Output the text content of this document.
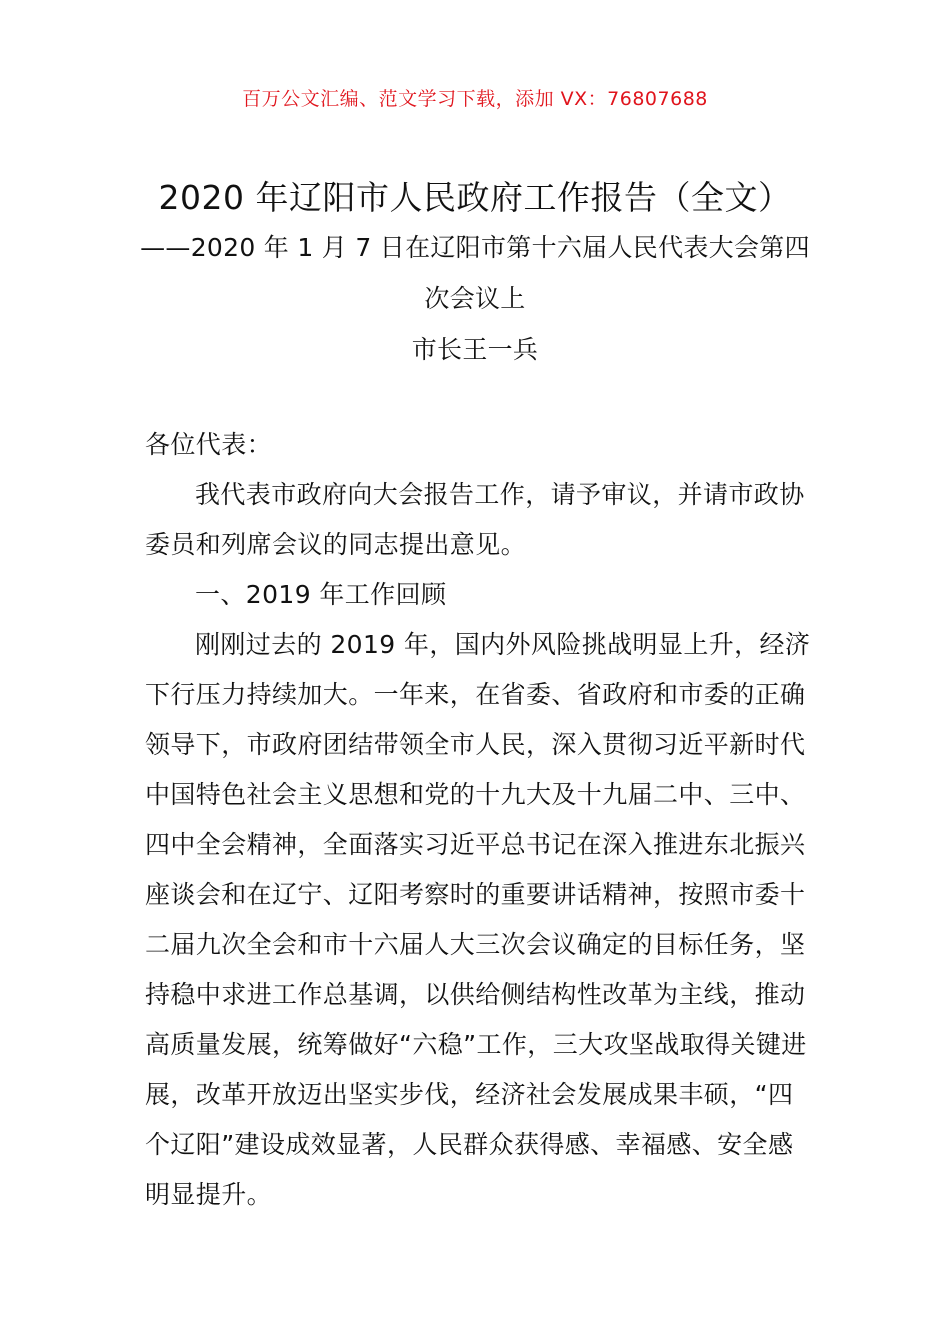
百万公文汇编、范文学习下载，添加 VX：76807688
2020 年辽阳市人民政府工作报告（全文）
——2020 年 1 月 7 日在辽阳市第十六届人民代表大会第四
次会议上
市长王一兵
各位代表：
我代表市政府向大会报告工作，请予审议，并请市政协委员和列席会议的同志提出意见。
一、2019 年工作回顾
刚刚过去的 2019 年，国内外风险挑战明显上升，经济下行压力持续加大。一年来，在省委、省政府和市委的正确领导下，市政府团结带领全市人民，深入贯彻习近平新时代中国特色社会主义思想和党的十九大及十九届二中、三中、四中全会精神，全面落实习近平总书记在深入推进东北振兴座谈会和在辽宁、辽阳考察时的重要讲话精神，按照市委十二届九次全会和市十六届人大三次会议确定的目标任务，坚持稳中求进工作总基调，以供给侧结构性改革为主线，推动高质量发展，统筹做好“六稳”工作，三大攻坚战取得关键进展，改革开放迈出坚实步伐，经济社会发展成果丰硕，“四个辽阳”建设成效显著，人民群众获得感、幸福感、安全感明显提升。
